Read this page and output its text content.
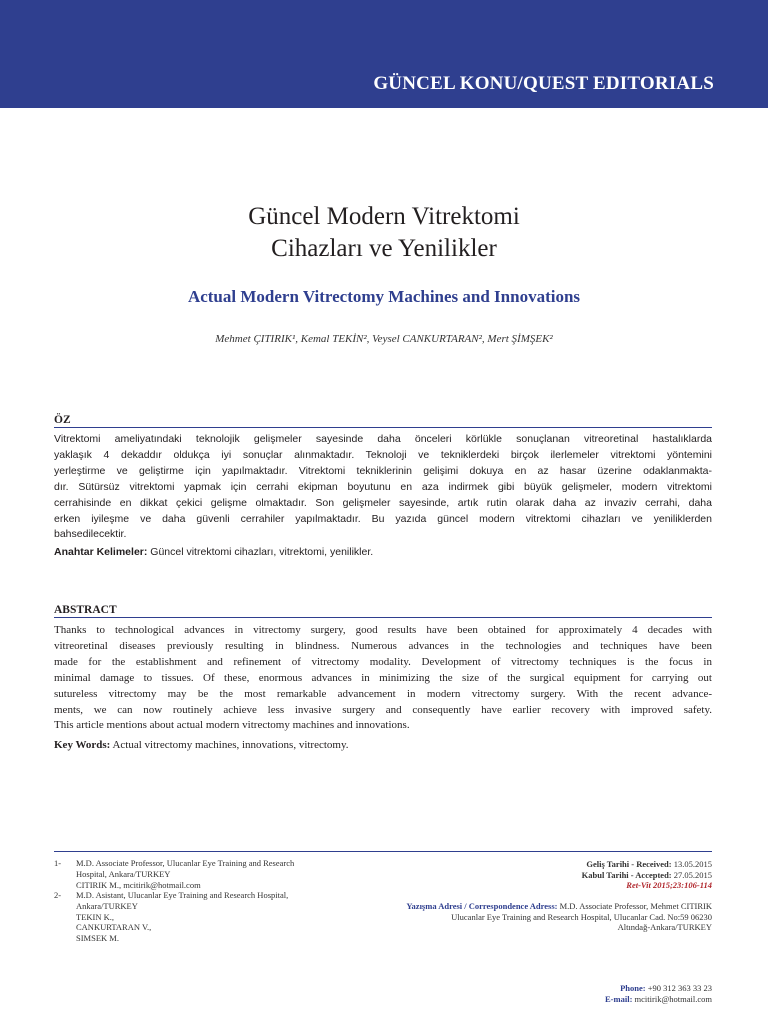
GÜNCEL KONU/QUEST EDITORIALS
Güncel Modern Vitrektomi
Cihazları ve Yenilikler
Actual Modern Vitrectomy Machines and Innovations
Mehmet ÇITIRIK¹, Kemal TEKİN², Veysel CANKURTARAN², Mert ŞİMŞEK²
ÖZ
Vitrektomi ameliyatındaki teknolojik gelişmeler sayesinde daha önceleri körlükle sonuçlanan vitreoretinal hastalıklarda
yaklaşık 4 dekaddır oldukça iyi sonuçlar alınmaktadır. Teknoloji ve tekniklerdeki birçok ilerlemeler vitrektomi yöntemini
yerleştirme ve geliştirme için yapılmaktadır. Vitrektomi tekniklerinin gelişimi dokuya en az hasar üzerine odaklanmakta-
dır. Sütürsüz vitrektomi yapmak için cerrahi ekipman boyutunu en aza indirmek gibi büyük gelişmeler, modern vitrektomi
cerrahisinde en dikkat çekici gelişme olmaktadır. Son gelişmeler sayesinde, artık rutin olarak daha az invaziv cerrahi, daha
erken iyileşme ve daha güvenli cerrahiler yapılmaktadır. Bu yazıda güncel modern vitrektomi cihazları ve yeniliklerden
bahsedilecektir.
Anahtar Kelimeler: Güncel vitrektomi cihazları, vitrektomi, yenilikler.
ABSTRACT
Thanks to technological advances in vitrectomy surgery, good results have been obtained for approximately 4 decades with
vitreoretinal diseases previously resulting in blindness. Numerous advances in the technologies and techniques have been
made for the establishment and refinement of vitrectomy modality. Development of vitrectomy techniques is the focus in
minimal damage to tissues. Of these, enormous advances in minimizing the size of the surgical equipment for carrying out
sutureless vitrectomy may be the most remarkable advancement in modern vitrectomy surgery. With the recent advance-
ments, we can now routinely achieve less invasive surgery and consequently have earlier recovery with improved safety.
This article mentions about actual modern vitrectomy machines and innovations.
Key Words: Actual vitrectomy machines, innovations, vitrectomy.
1- M.D. Associate Professor, Ulucanlar Eye Training and Research
Hospital, Ankara/TURKEY
CITIRIK M., mcitirik@hotmail.com
2- M.D. Asistant, Ulucanlar Eye Training and Research Hospital,
Ankara/TURKEY
TEKIN K.,
CANKURTARAN V.,
SIMSEK M.
Geliş Tarihi - Received: 13.05.2015
Kabul Tarihi - Accepted: 27.05.2015
Ret-Vit 2015;23:106-114
Yazışma Adresi / Correspondence Adress: M.D. Associate Professor, Mehmet CITIRIK
Ulucanlar Eye Training and Research Hospital, Ulucanlar Cad. No:59 06230
Altındağ-Ankara/TURKEY
Phone: +90 312 363 33 23
E-mail: mcitirik@hotmail.com
